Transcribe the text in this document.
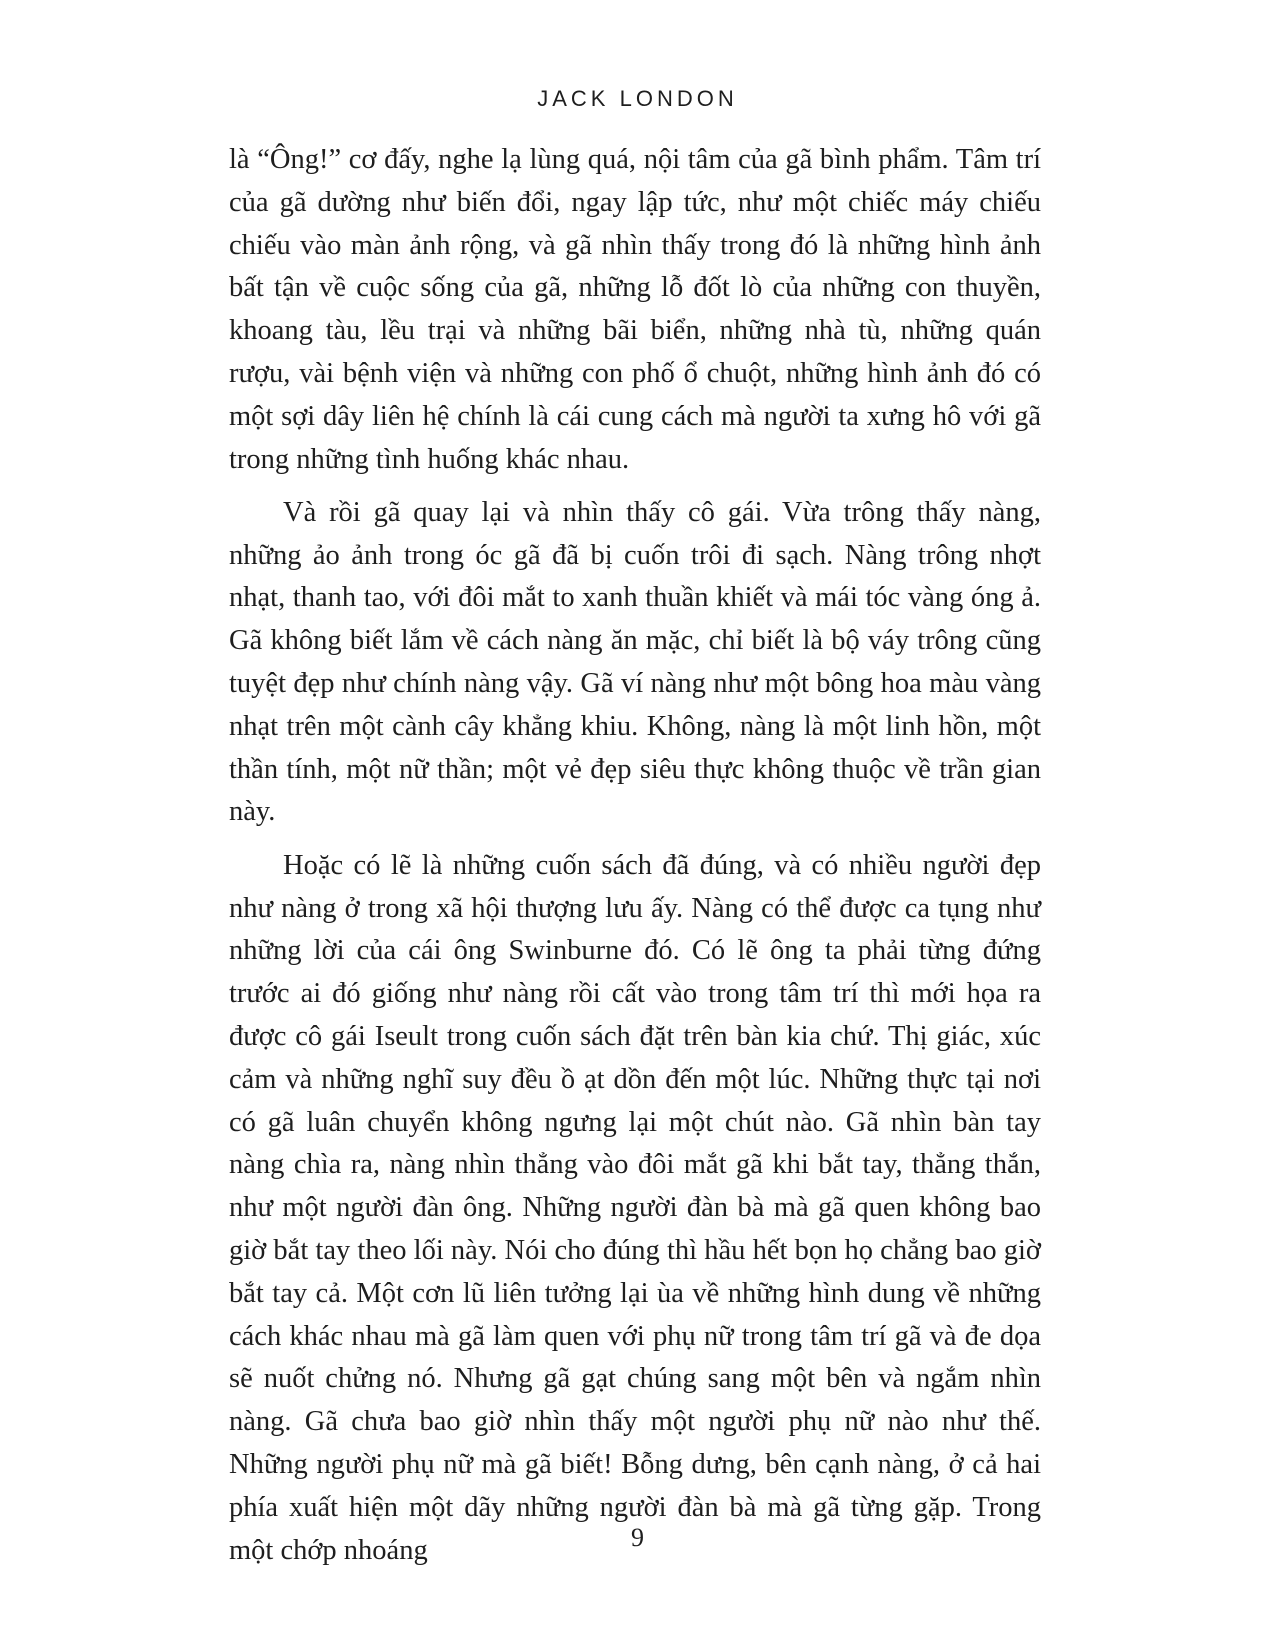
JACK LONDON

là “Ông!” cơ đấy, nghe lạ lùng quá, nội tâm của gã bình phẩm. Tâm trí của gã dường như biến đổi, ngay lập tức, như một chiếc máy chiếu chiếu vào màn ảnh rộng, và gã nhìn thấy trong đó là những hình ảnh bất tận về cuộc sống của gã, những lỗ đốt lò của những con thuyền, khoang tàu, lều trại và những bãi biển, những nhà tù, những quán rượu, vài bệnh viện và những con phố ổ chuột, những hình ảnh đó có một sợi dây liên hệ chính là cái cung cách mà người ta xưng hô với gã trong những tình huống khác nhau.

Và rồi gã quay lại và nhìn thấy cô gái. Vừa trông thấy nàng, những ảo ảnh trong óc gã đã bị cuốn trôi đi sạch. Nàng trông nhợt nhạt, thanh tao, với đôi mắt to xanh thuần khiết và mái tóc vàng óng ả. Gã không biết lắm về cách nàng ăn mặc, chỉ biết là bộ váy trông cũng tuyệt đẹp như chính nàng vậy. Gã ví nàng như một bông hoa màu vàng nhạt trên một cành cây khẳng khiu. Không, nàng là một linh hồn, một thần tính, một nữ thần; một vẻ đẹp siêu thực không thuộc về trần gian này.

Hoặc có lẽ là những cuốn sách đã đúng, và có nhiều người đẹp như nàng ở trong xã hội thượng lưu ấy. Nàng có thể được ca tụng như những lời của cái ông Swinburne đó. Có lẽ ông ta phải từng đứng trước ai đó giống như nàng rồi cất vào trong tâm trí thì mới họa ra được cô gái Iseult trong cuốn sách đặt trên bàn kia chứ. Thị giác, xúc cảm và những nghĩ suy đều ồ ạt dồn đến một lúc. Những thực tại nơi có gã luân chuyển không ngưng lại một chút nào. Gã nhìn bàn tay nàng chìa ra, nàng nhìn thẳng vào đôi mắt gã khi bắt tay, thẳng thắn, như một người đàn ông. Những người đàn bà mà gã quen không bao giờ bắt tay theo lối này. Nói cho đúng thì hầu hết bọn họ chẳng bao giờ bắt tay cả. Một cơn lũ liên tưởng lại ùa về những hình dung về những cách khác nhau mà gã làm quen với phụ nữ trong tâm trí gã và đe dọa sẽ nuốt chửng nó. Nhưng gã gạt chúng sang một bên và ngắm nhìn nàng. Gã chưa bao giờ nhìn thấy một người phụ nữ nào như thế. Những người phụ nữ mà gã biết! Bỗng dưng, bên cạnh nàng, ở cả hai phía xuất hiện một dãy những người đàn bà mà gã từng gặp. Trong một chớp nhoáng	9
